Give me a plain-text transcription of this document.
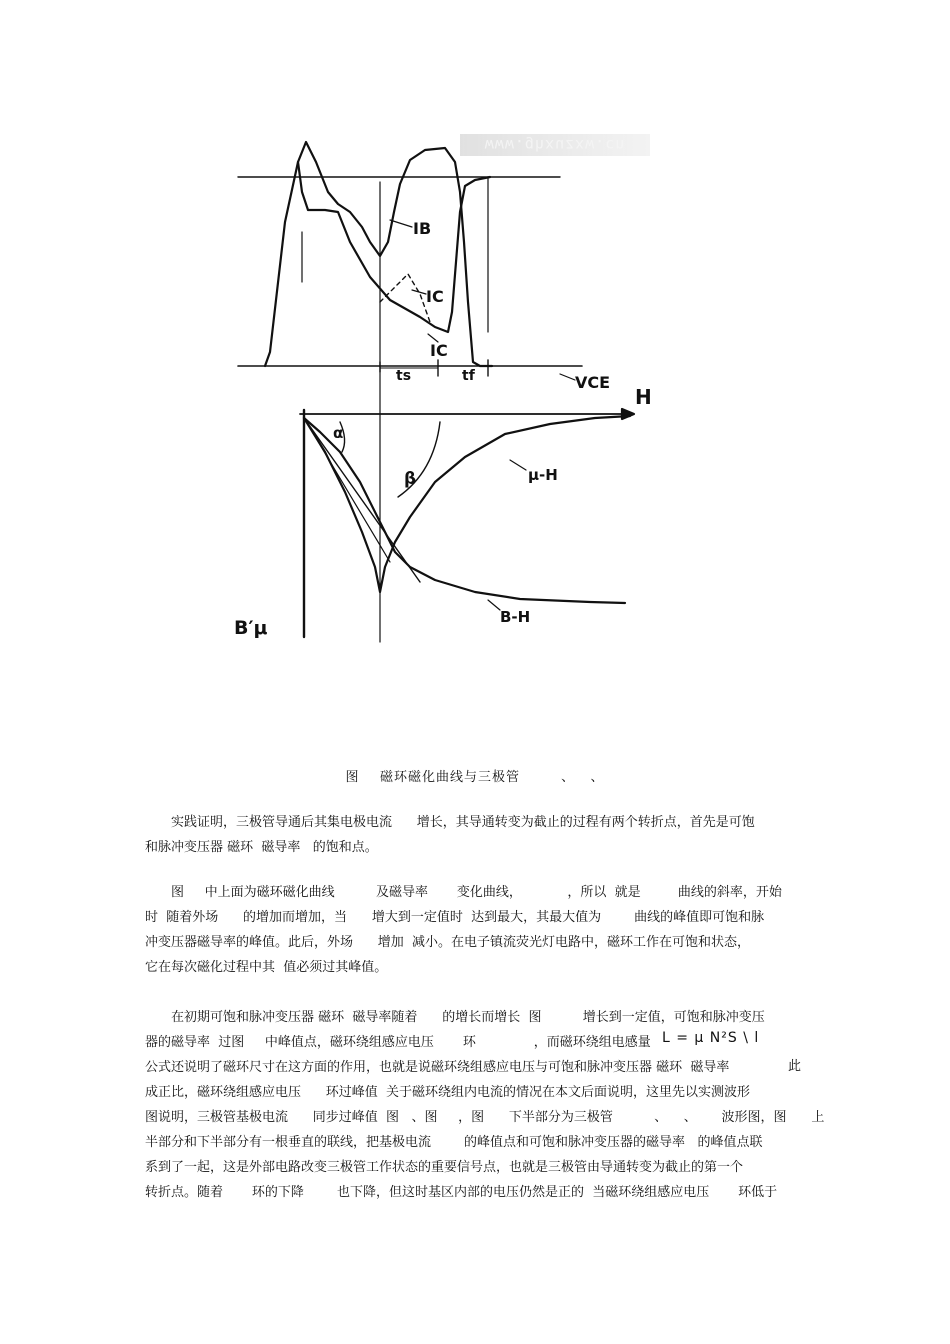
IB
IC
IC
ts	tf	VCE
H
α
β	μ-H
B-H
B′μ
www.ghxuzxw.cn
图    磁环磁化曲线与三极管        、   、
实践证明，三极管导通后其集电极电流      增长，其导通转变为截止的过程有两个转折点，首先是可饱
和脉冲变压器 磁环  磁导率   的饱和点。
图     中上面为磁环磁化曲线          及磁导率       变化曲线，           ，所以  就是         曲线的斜率，开始
时  随着外场      的增加而增加，当      增大到一定值时  达到最大，其最大值为        曲线的峰值即可饱和脉
冲变压器磁导率的峰值。此后，外场      增加  减小。在电子镇流荧光灯电路中，磁环工作在可饱和状态，
它在每次磁化过程中其  值必须过其峰值。
在初期可饱和脉冲变压器 磁环  磁导率随着      的增长而增长  图          增长到一定值，可饱和脉冲变压
器的磁导率  过图     中峰值点，磁环绕组感应电压       环              ，而磁环绕组电感量
公式还说明了磁环尺寸在这方面的作用，也就是说磁环绕组感应电压与可饱和脉冲变压器 磁环  磁导率
成正比，磁环绕组感应电压      环过峰值  关于磁环绕组内电流的情况在本文后面说明，这里先以实测波形
图说明，三极管基极电流      同步过峰值  图   、图     ，图      下半部分为三极管          、    、      波形图，图      上
半部分和下半部分有一根垂直的联线，把基极电流        的峰值点和可饱和脉冲变压器的磁导率   的峰值点联
系到了一起，这是外部电路改变三极管工作状态的重要信号点，也就是三极管由导通转变为截止的第一个
转折点。随着       环的下降        也下降，但这时基区内部的电压仍然是正的  当磁环绕组感应电压       环低于
L = μ N²S \ l
此
